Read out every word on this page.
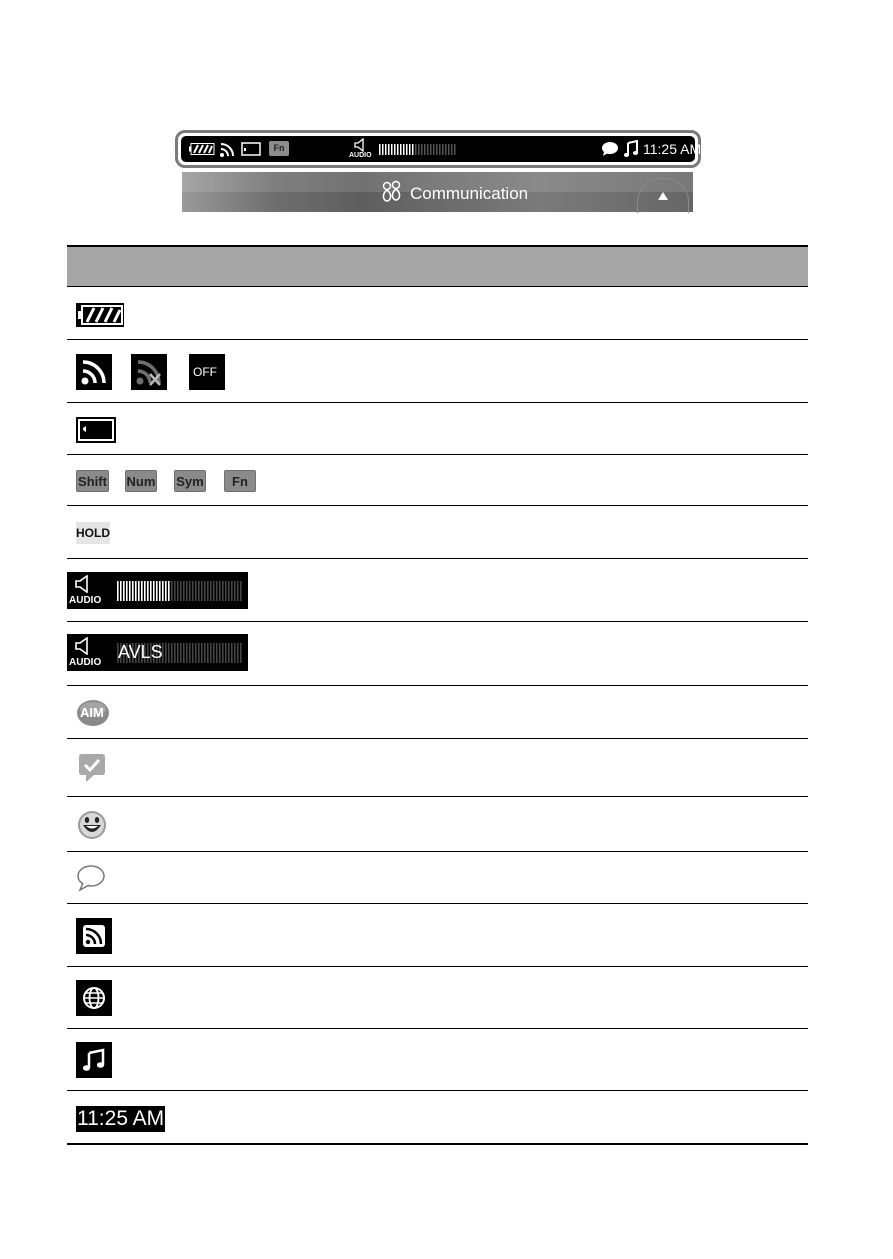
Fn
AUDIO	11:25 AM
Communication
OFF
Shift Num Sym	Fn
HOLD
AUDIO
AUDIO
AVLS
AIM
11:25 AM
